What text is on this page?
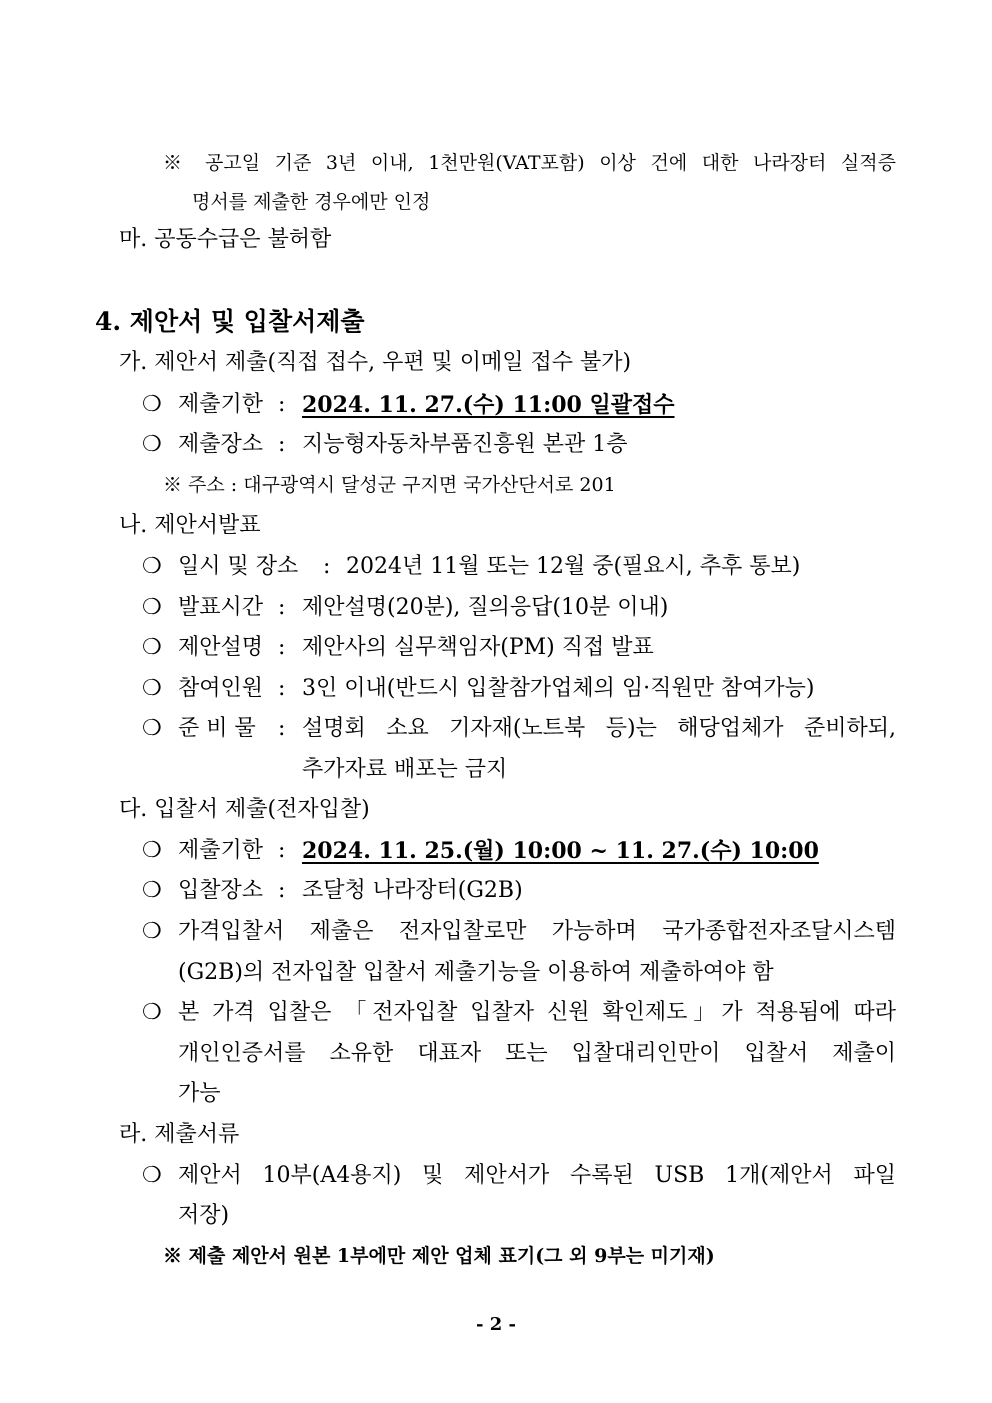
※ 공고일 기준 3년 이내, 1천만원(VAT포함) 이상 건에 대한 나라장터 실적증
명서를 제출한 경우에만 인정
마. 공동수급은 불허함
4. 제안서 및 입찰서제출
가. 제안서 제출(직접 접수, 우편 및 이메일 접수 불가)
❍ 제출기한 : 2024. 11. 27.(수) 11:00 일괄접수
❍ 제출장소 : 지능형자동차부품진흥원 본관 1층
※ 주소 : 대구광역시 달성군 구지면 국가산단서로 201
나. 제안서발표
❍ 일시 및 장소 : 2024년 11월 또는 12월 중(필요시, 추후 통보)
❍ 발표시간 : 제안설명(20분), 질의응답(10분 이내)
❍ 제안설명 : 제안사의 실무책임자(PM) 직접 발표
❍ 참여인원 : 3인 이내(반드시 입찰참가업체의 임·직원만 참여가능)
❍ 준 비 물 : 설명회 소요 기자재(노트북 등)는 해당업체가 준비하되,
추가자료 배포는 금지
다. 입찰서 제출(전자입찰)
❍ 제출기한 : 2024. 11. 25.(월) 10:00 ~ 11. 27.(수) 10:00
❍ 입찰장소 : 조달청 나라장터(G2B)
❍ 가격입찰서 제출은 전자입찰로만 가능하며 국가종합전자조달시스템
(G2B)의 전자입찰 입찰서 제출기능을 이용하여 제출하여야 함
❍ 본 가격 입찰은 「전자입찰 입찰자 신원 확인제도」가 적용됨에 따라
개인인증서를 소유한 대표자 또는 입찰대리인만이 입찰서 제출이
가능
라. 제출서류
❍ 제안서 10부(A4용지) 및 제안서가 수록된 USB 1개(제안서 파일
저장)
※ 제출 제안서 원본 1부에만 제안 업체 표기(그 외 9부는 미기재)
- 2 -
